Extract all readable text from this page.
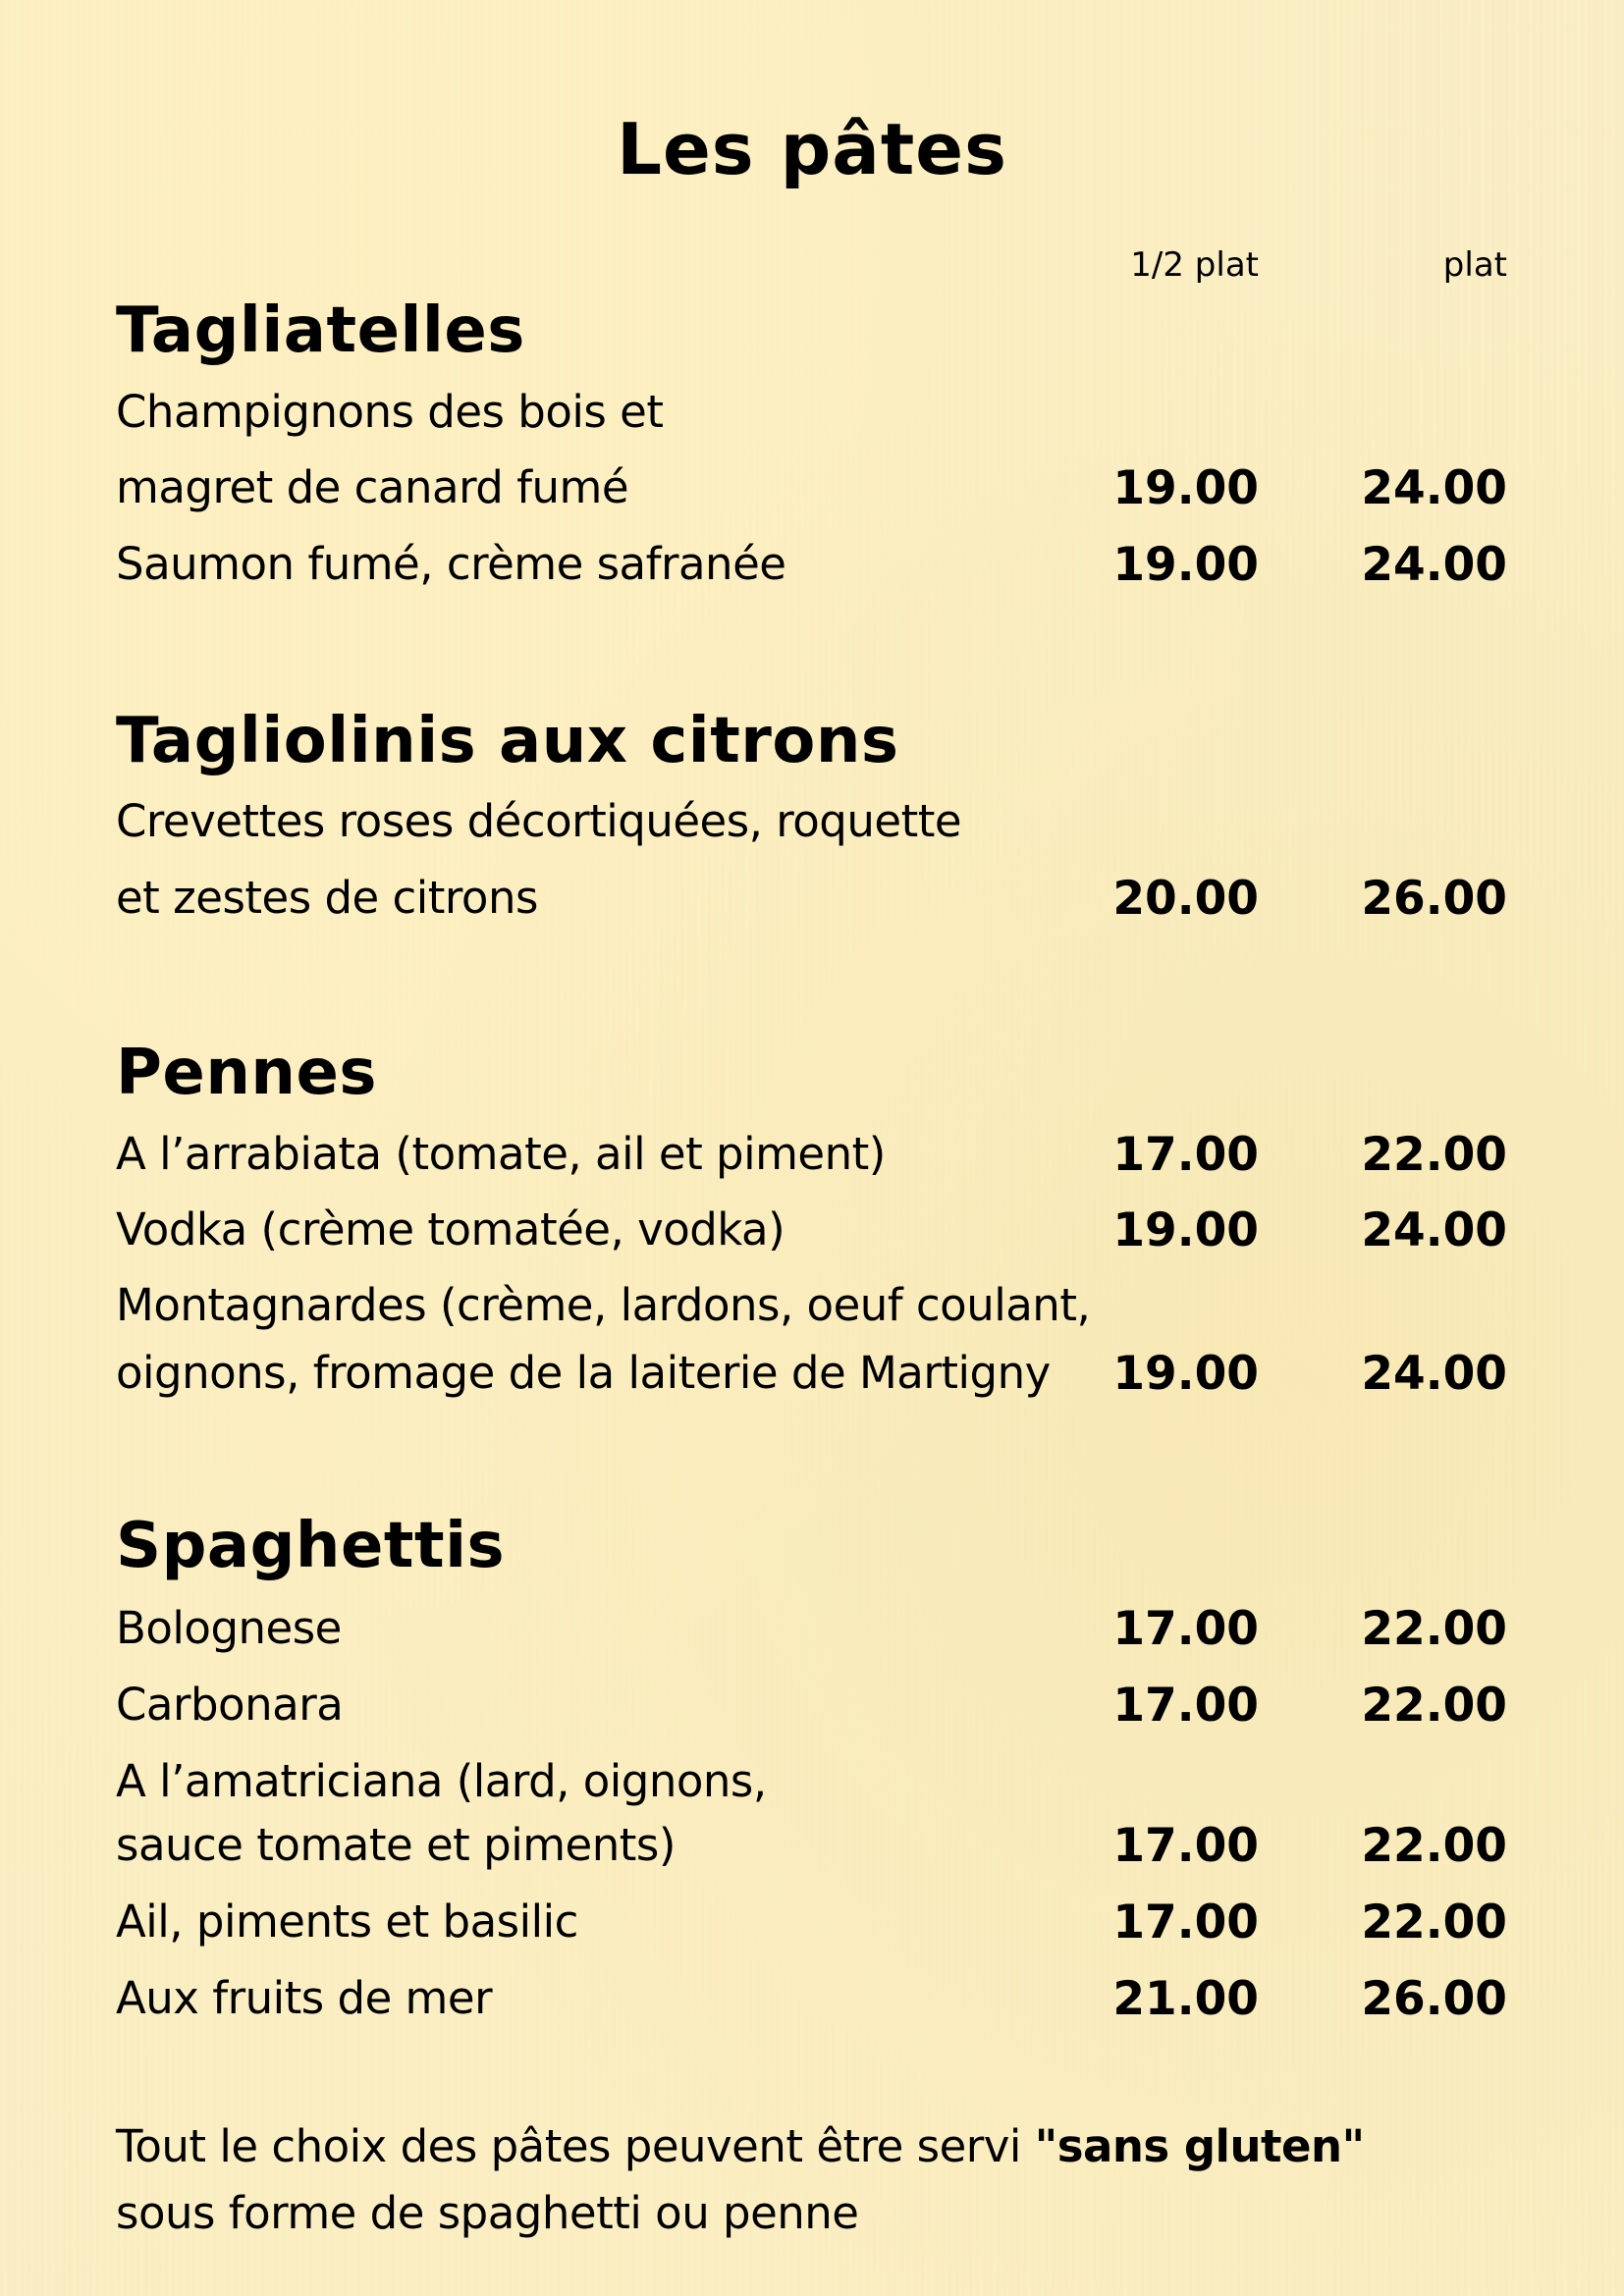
Les pâtes
1/2 plat	plat
Tagliatelles
Champignons des bois et
magret de canard fumé	19.00	24.00
Saumon fumé, crème safranée	19.00	24.00
Tagliolinis aux citrons
Crevettes roses décortiquées, roquette
et zestes de citrons	20.00	26.00
Pennes
A l’arrabiata (tomate, ail et piment)	17.00	22.00
Vodka (crème tomatée, vodka)	19.00	24.00
Montagnardes (crème, lardons, oeuf coulant,
oignons, fromage de la laiterie de Martigny	19.00	24.00
Spaghettis
Bolognese	17.00	22.00
Carbonara	17.00	22.00
A l’amatriciana (lard, oignons,
sauce tomate et piments)	17.00	22.00
Ail, piments et basilic	17.00	22.00
Aux fruits de mer	21.00	26.00
Tout le choix des pâtes peuvent être servi "sans gluten"
sous forme de spaghetti ou penne
